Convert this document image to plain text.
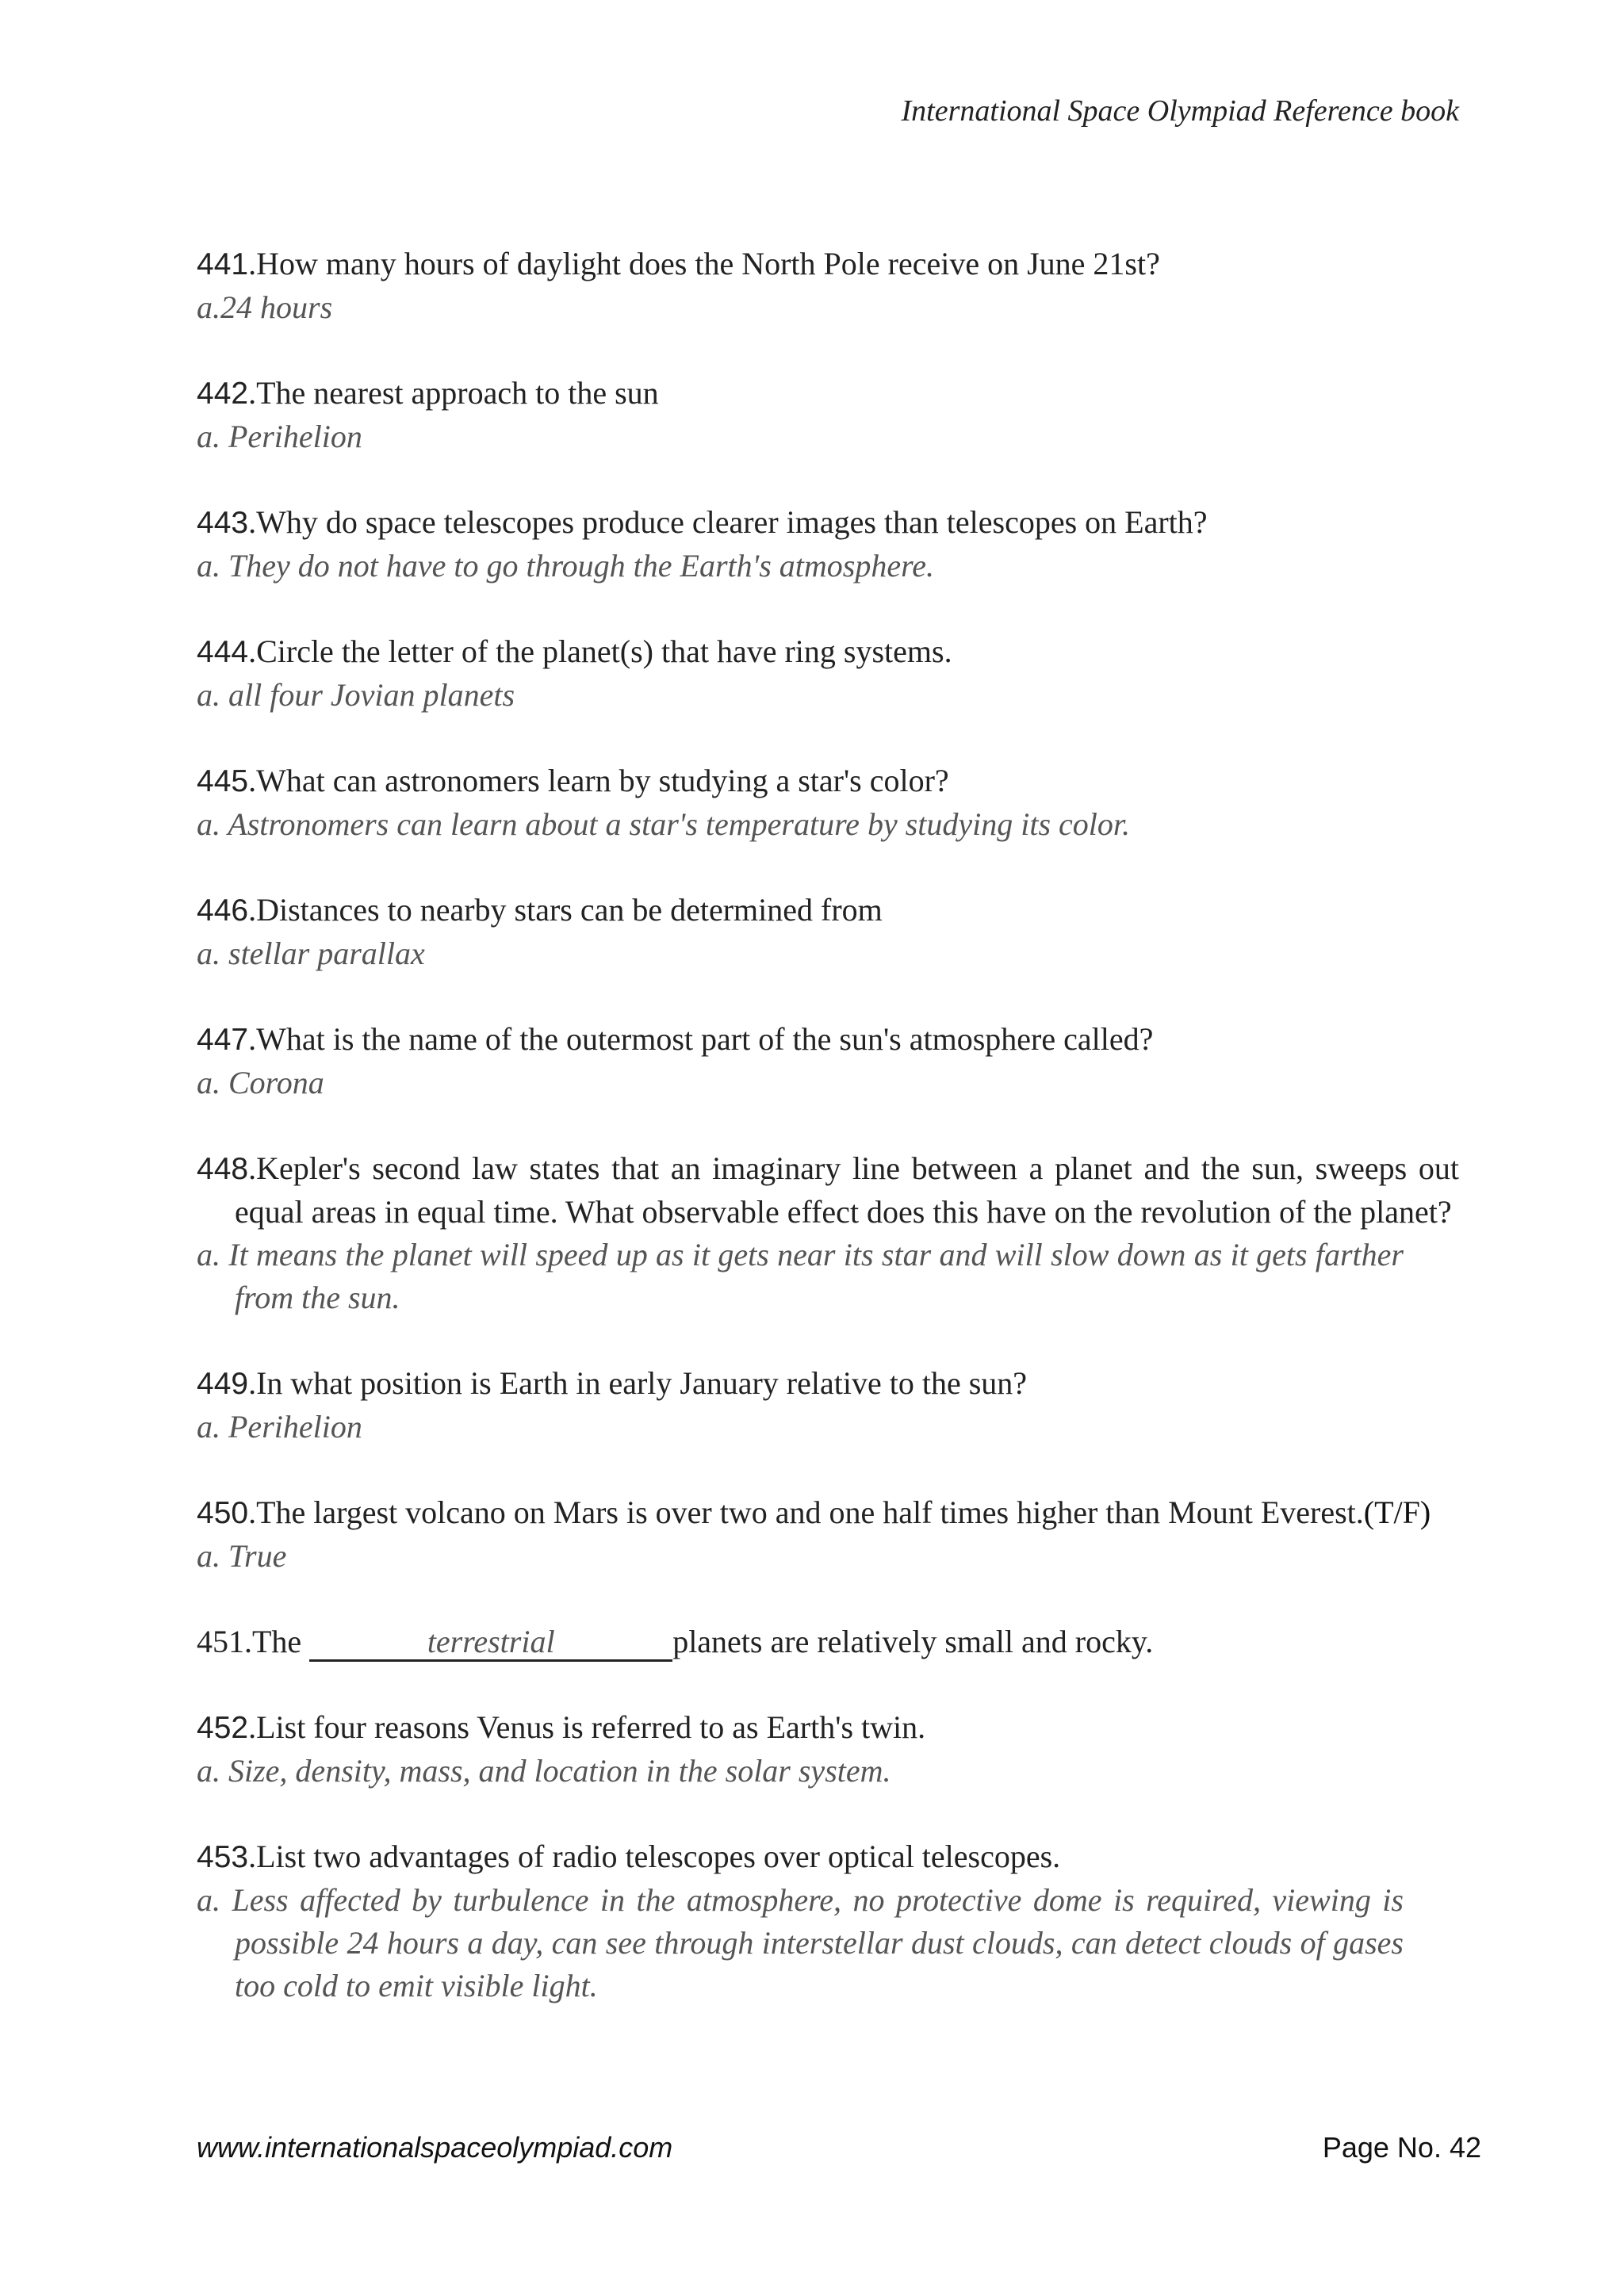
International Space Olympiad Reference book
441.How many hours of daylight does the North Pole receive on June 21st?
a.24 hours
442.The nearest approach to the sun
a. Perihelion
443.Why do space telescopes produce clearer images than telescopes on Earth?
a. They do not have to go through the Earth's atmosphere.
444.Circle the letter of the planet(s) that have ring systems.
a. all four Jovian planets
445.What can astronomers learn by studying a star's color?
a. Astronomers can learn about a star's temperature by studying its color.
446.Distances to nearby stars can be determined from
a. stellar parallax
447.What is the name of the outermost part of the sun's atmosphere called?
a. Corona
448.Kepler's second law states that an imaginary line between a planet and the sun, sweeps out equal areas in equal time. What observable effect does this have on the revolution of the planet?
a. It means the planet will speed up as it gets near its star and will slow down as it gets farther from the sun.
449.In what position is Earth in early January relative to the sun?
a. Perihelion
450.The largest volcano on Mars is over two and one half times higher than Mount Everest.(T/F)
a. True
451.The	terrestrial	planets are relatively small and rocky.
452.List four reasons Venus is referred to as Earth's twin.
a. Size, density, mass, and location in the solar system.
453.List two advantages of radio telescopes over optical telescopes.
a. Less affected by turbulence in the atmosphere, no protective dome is required, viewing is possible 24 hours a day, can see through interstellar dust clouds, can detect clouds of gases too cold to emit visible light.
www.internationalspaceolympiad.com	Page No. 42
